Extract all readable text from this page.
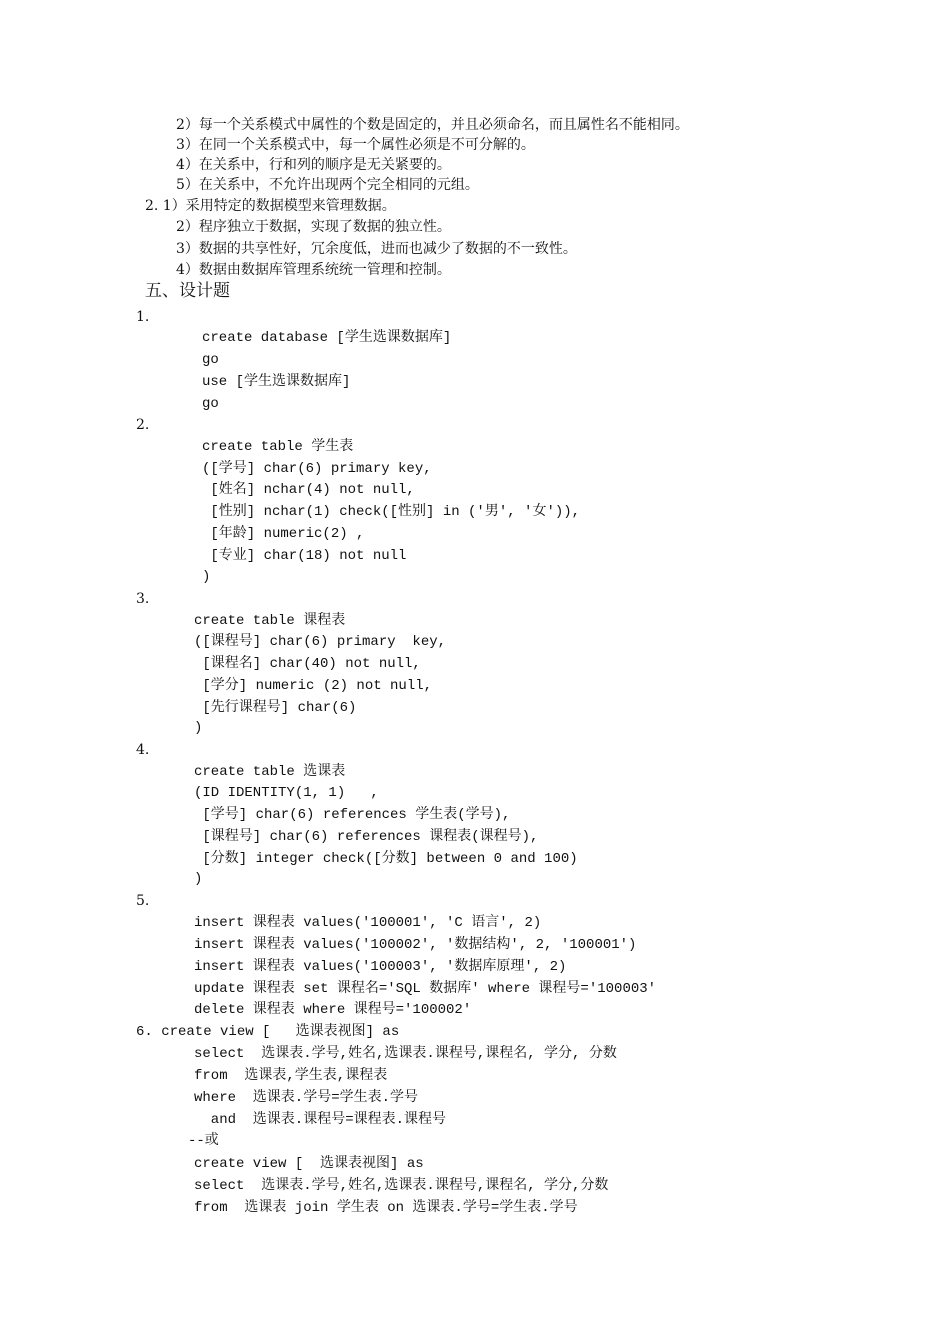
2）每一个关系模式中属性的个数是固定的，并且必须命名，而且属性名不能相同。
3）在同一个关系模式中，每一个属性必须是不可分解的。
4）在关系中，行和列的顺序是无关紧要的。
5）在关系中，不允许出现两个完全相同的元组。
2. 1）采用特定的数据模型来管理数据。
2）程序独立于数据，实现了数据的独立性。
3）数据的共享性好，冗余度低，进而也减少了数据的不一致性。
4）数据由数据库管理系统统一管理和控制。
五、设计题
1.
create database [学生选课数据库]
go
use [学生选课数据库]
go
2.
create table 学生表
([学号] char(6) primary key,
[姓名] nchar(4) not null,
[性别] nchar(1) check([性别] in ('男', '女')),
[年龄] numeric(2) ,
[专业] char(18) not null
)
3.
create table 课程表
([课程号] char(6) primary  key,
[课程名] char(40) not null,
[学分] numeric (2) not null,
[先行课程号] char(6)
)
4.
create table 选课表
(ID IDENTITY(1, 1)   ,
[学号] char(6) references 学生表(学号),
[课程号] char(6) references 课程表(课程号),
[分数] integer check([分数] between 0 and 100)
)
5.
insert 课程表 values('100001', 'C 语言', 2)
insert 课程表 values('100002', '数据结构', 2, '100001')
insert 课程表 values('100003', '数据库原理', 2)
update 课程表 set 课程名='SQL 数据库' where 课程号='100003'
delete 课程表 where 课程号='100002'
6. create view [   选课表视图] as
select  选课表.学号,姓名,选课表.课程号,课程名, 学分, 分数
from  选课表,学生表,课程表
where  选课表.学号=学生表.学号
and  选课表.课程号=课程表.课程号
--或
create view [  选课表视图] as
select  选课表.学号,姓名,选课表.课程号,课程名, 学分,分数
from  选课表 join 学生表 on 选课表.学号=学生表.学号
